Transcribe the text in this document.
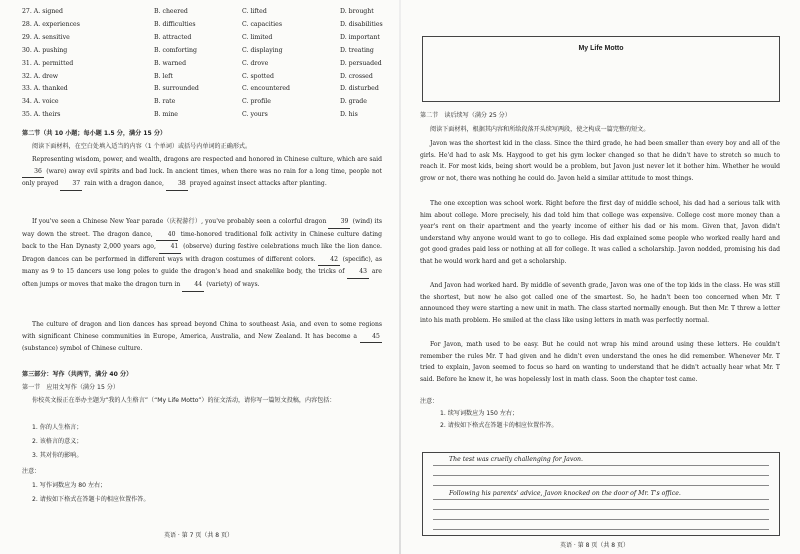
27. A. signed	B. cheered	C. lifted	D. brought
28. A. experiences	B. difficulties	C. capacities	D. disabilities
29. A. sensitive	B. attracted	C. limited	D. important
30. A. pushing	B. comforting	C. displaying	D. treating
31. A. permitted	B. warned	C. drove	D. persuaded
32. A. drew	B. left	C. spotted	D. crossed
33. A. thanked	B. surrounded	C. encountered	D. disturbed
34. A. voice	B. rate	C. profile	D. grade
35. A. theirs	B. mine	C. yours	D. his
第二节（共 10 小题；每小题 1.5 分，满分 15 分）
阅读下面材料，在空白处填入适当的内容（1 个单词）或括号内单词的正确形式。
Representing wisdom, power, and wealth, dragons are respected and honored in Chinese culture, which are said 36 (ware) away evil spirits and bad luck. In ancient times, when there was no rain for a long time, people not only prayed 37 rain with a dragon dance, 38 prayed against insect attacks after planting.
If you've seen a Chinese New Year parade（庆祝游行）, you've probably seen a colorful dragon 39 (wind) its way down the street. The dragon dance, 40 time-honored traditional folk activity in Chinese culture dating back to the Han Dynasty 2,000 years ago, 41 (observe) during festive celebrations much like the lion dance. Dragon dances can be performed in different ways with dragon costumes of different colors. 42 (specific), as many as 9 to 15 dancers use long poles to guide the dragon's head and snakelike body, the tricks of 43 are often jumps or moves that make the dragon turn in 44 (variety) of ways.
The culture of dragon and lion dances has spread beyond China to southeast Asia, and even to some regions with significant Chinese communities in Europe, America, Australia, and New Zealand. It has become a 45 (substance) symbol of Chinese culture.
第三部分：写作（共两节，满分 40 分）
第一节　应用文写作（满分 15 分）
你校英文报正在举办主题为“我的人生格言”（“My Life Motto”）的征文活动，请你写一篇短文投稿，内容包括：
1. 你的人生格言；
2. 该格言的意义；
3. 其对你的影响。
注意：
1. 写作词数应为 80 左右；
2. 请按如下格式在答题卡的相应位置作答。
英语 · 第 7 页（共 8 页）
My Life Motto
第二节　读后续写（满分 25 分）
阅读下面材料，根据其内容和所给段落开头续写两段，使之构成一篇完整的短文。
Javon was the shortest kid in the class. Since the third grade, he had been smaller than every boy and all of the girls. He'd had to ask Ms. Haygood to get his gym locker changed so that he didn't have to stretch so much to reach it. For most kids, being short would be a problem, but Javon just never let it bother him. Whether he would grow or not, there was nothing he could do. Javon held a similar attitude to most things.
The one exception was school work. Right before the first day of middle school, his dad had a serious talk with him about college. More precisely, his dad told him that college was expensive. College cost more money than a year's rent on their apartment and the yearly income of either his dad or his mom. Given that, Javon didn't understand why anyone would want to go to college. His dad explained some people who worked really hard and got good grades paid less or nothing at all for college. It was called a scholarship. Javon nodded, promising his dad that he would work hard and get a scholarship.
And Javon had worked hard. By middle of seventh grade, Javon was one of the top kids in the class. He was still the shortest, but now he also got called one of the smartest. So, he hadn't been too concerned when Mr. T announced they were starting a new unit in math. The class started normally enough. But then Mr. T threw a letter into his math problem. He smiled at the class like using letters in math was perfectly normal.
For Javon, math used to be easy. But he could not wrap his mind around using these letters. He couldn't remember the rules Mr. T had given and he didn't even understand the ones he did remember. Whenever Mr. T tried to explain, Javon seemed to focus so hard on wanting to understand that he didn't actually hear what Mr. T said. Before he knew it, he was hopelessly lost in math class. Soon the chapter test came.
注意：
1. 续写词数应为 150 左右；
2. 请按如下格式在答题卡的相应位置作答。
The test was cruelly challenging for Javon.
Following his parents' advice, Javon knocked on the door of Mr. T's office.
英语 · 第 8 页（共 8 页）
